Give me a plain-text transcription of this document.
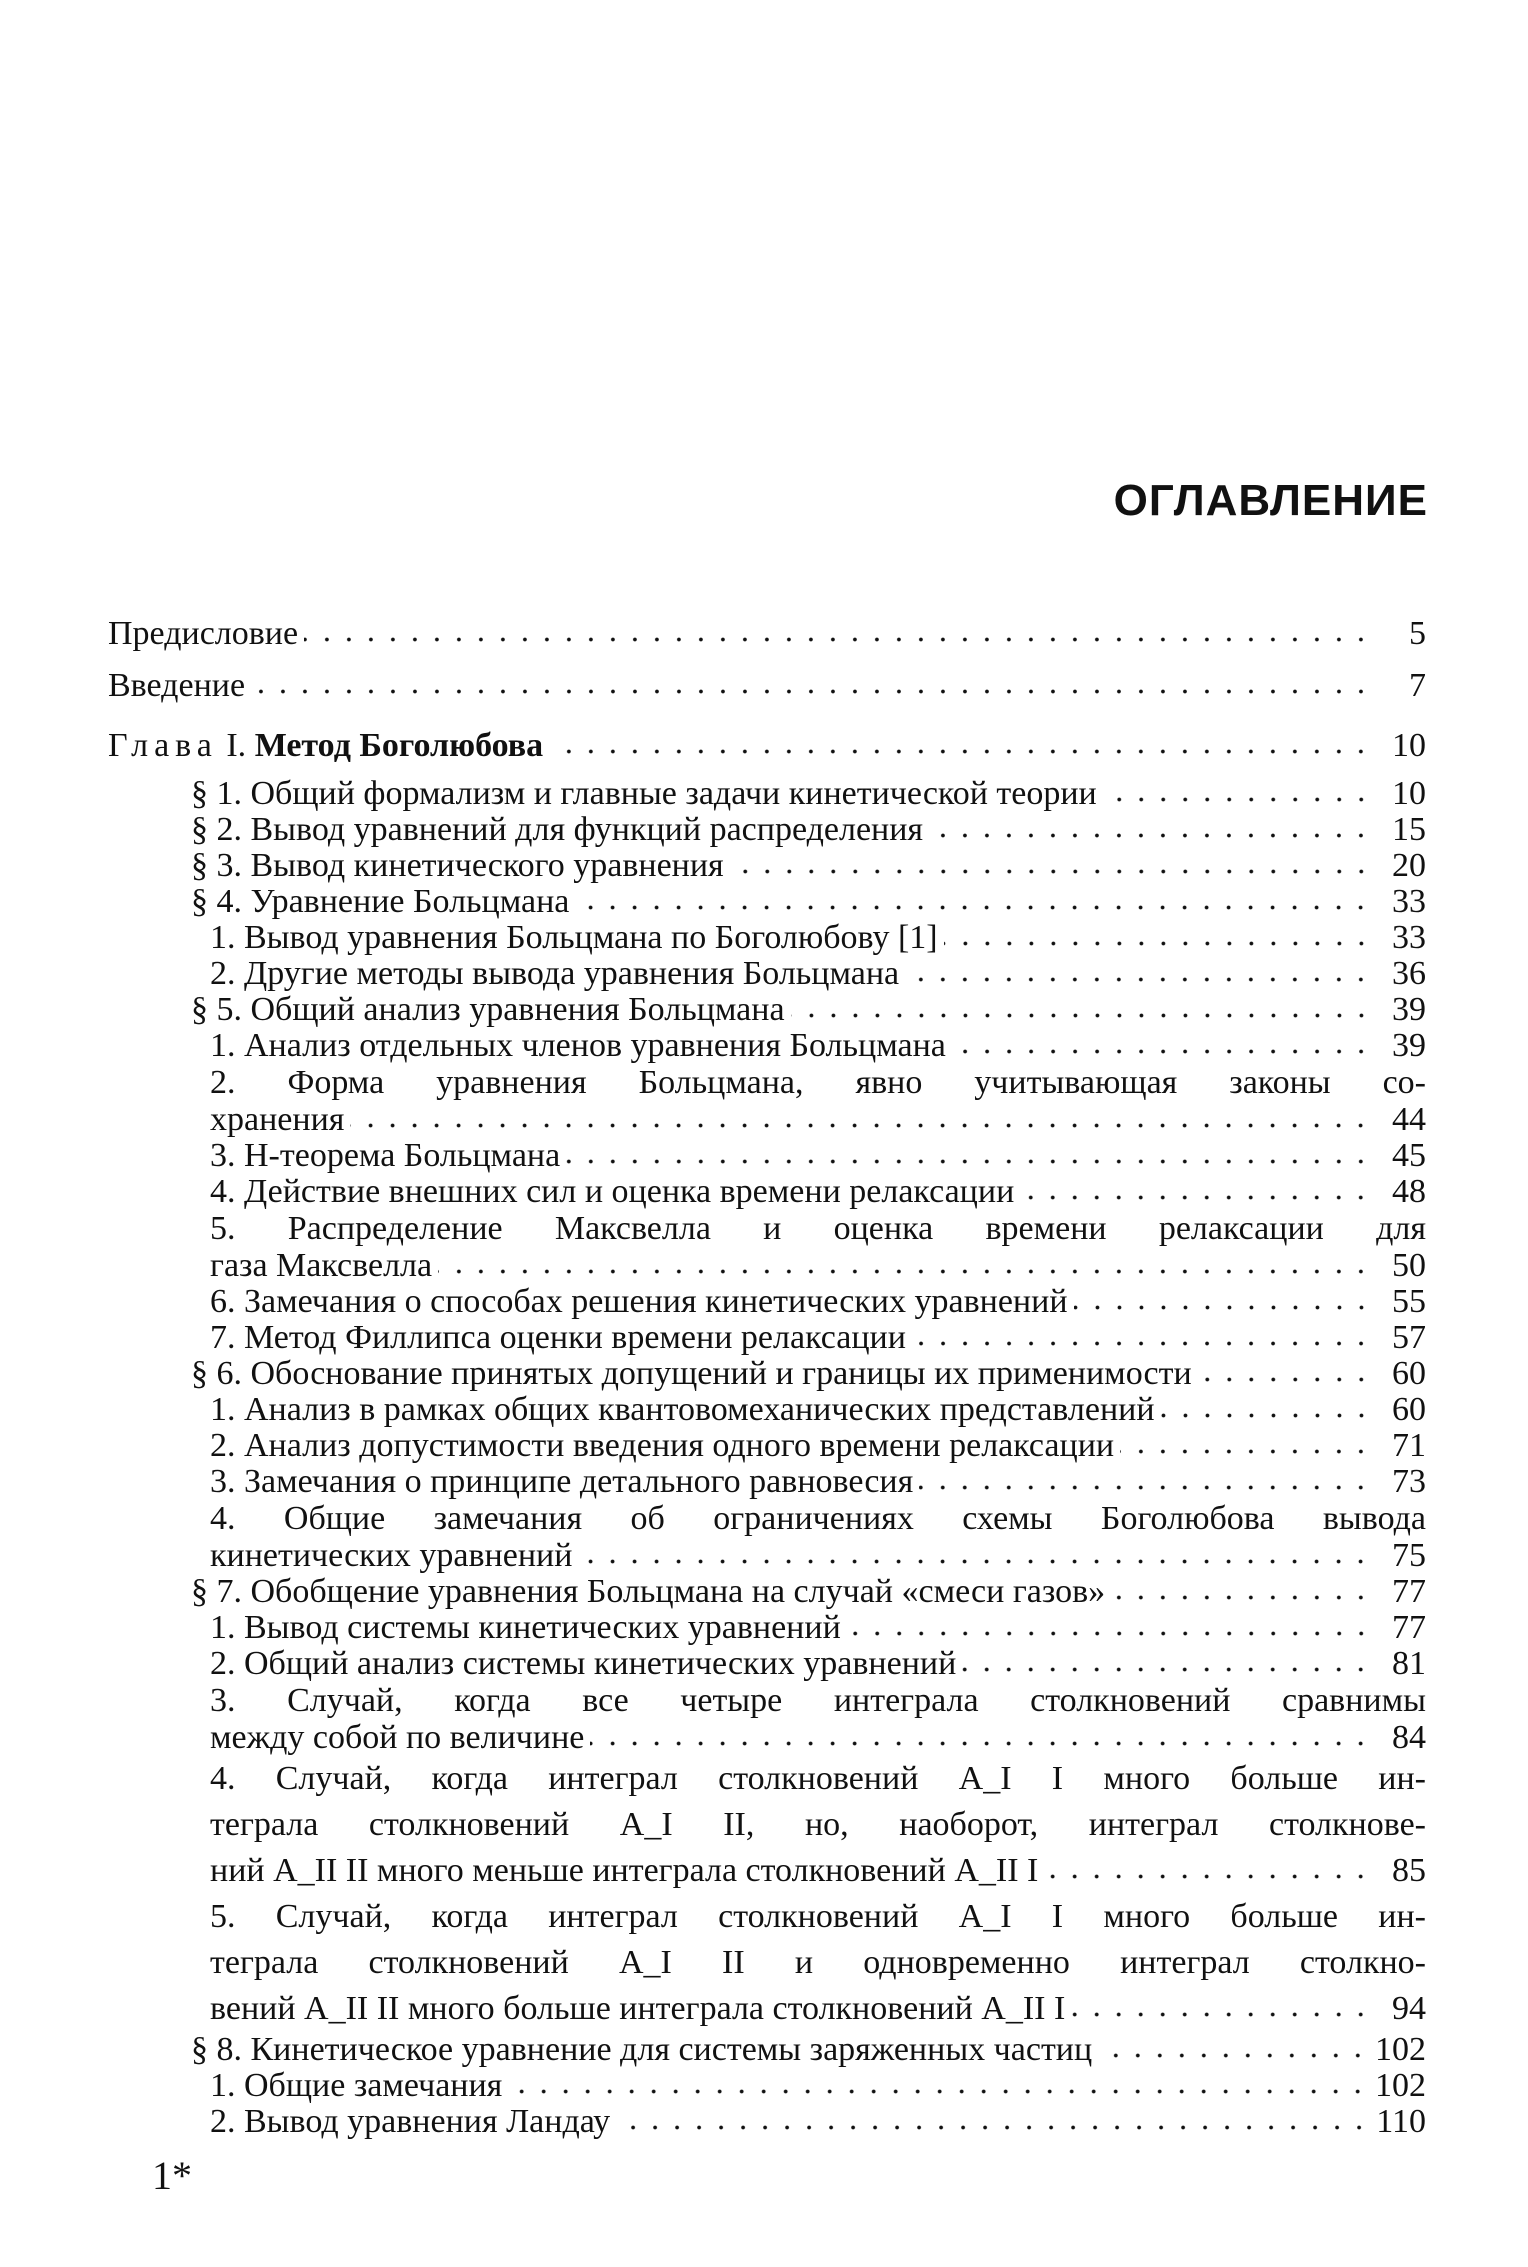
ОГЛАВЛЕНИЕ
Предисловие	5
Введение	7
Глава I. Метод Боголюбова	10
§ 1. Общий формализм и главные задачи кинетической теории	10
§ 2. Вывод уравнений для функций распределения	15
§ 3. Вывод кинетического уравнения	20
§ 4. Уравнение Больцмана	33
1. Вывод уравнения Больцмана по Боголюбову [1]	33
2. Другие методы вывода уравнения Больцмана	36
§ 5. Общий анализ уравнения Больцмана	39
1. Анализ отдельных членов уравнения Больцмана	39
2. Форма уравнения Больцмана, явно учитывающая законы со-
хранения	44
3. H-теорема Больцмана	45
4. Действие внешних сил и оценка времени релаксации	48
5. Распределение Максвелла и оценка времени релаксации для
газа Максвелла	50
6. Замечания о способах решения кинетических уравнений	55
7. Метод Филлипса оценки времени релаксации	57
§ 6. Обоснование принятых допущений и границы их применимости	60
1. Анализ в рамках общих квантовомеханических представлений	60
2. Анализ допустимости введения одного времени релаксации	71
3. Замечания о принципе детального равновесия	73
4. Общие замечания об ограничениях схемы Боголюбова вывода
кинетических уравнений	75
§ 7. Обобщение уравнения Больцмана на случай «смеси газов»	77
1. Вывод системы кинетических уравнений	77
2. Общий анализ системы кинетических уравнений	81
3. Случай, когда все четыре интеграла столкновений сравнимы
между собой по величине	84
4. Случай, когда интеграл столкновений A_I I много больше ин-
теграла столкновений A_I II, но, наоборот, интеграл столкнове-
ний A_II II много меньше интеграла столкновений A_II I	85
5. Случай, когда интеграл столкновений A_I I много больше ин-
теграла столкновений A_I II и одновременно интеграл столкно-
вений A_II II много больше интеграла столкновений A_II I	94
§ 8. Кинетическое уравнение для системы заряженных частиц	102
1. Общие замечания	102
2. Вывод уравнения Ландау	110
1*
